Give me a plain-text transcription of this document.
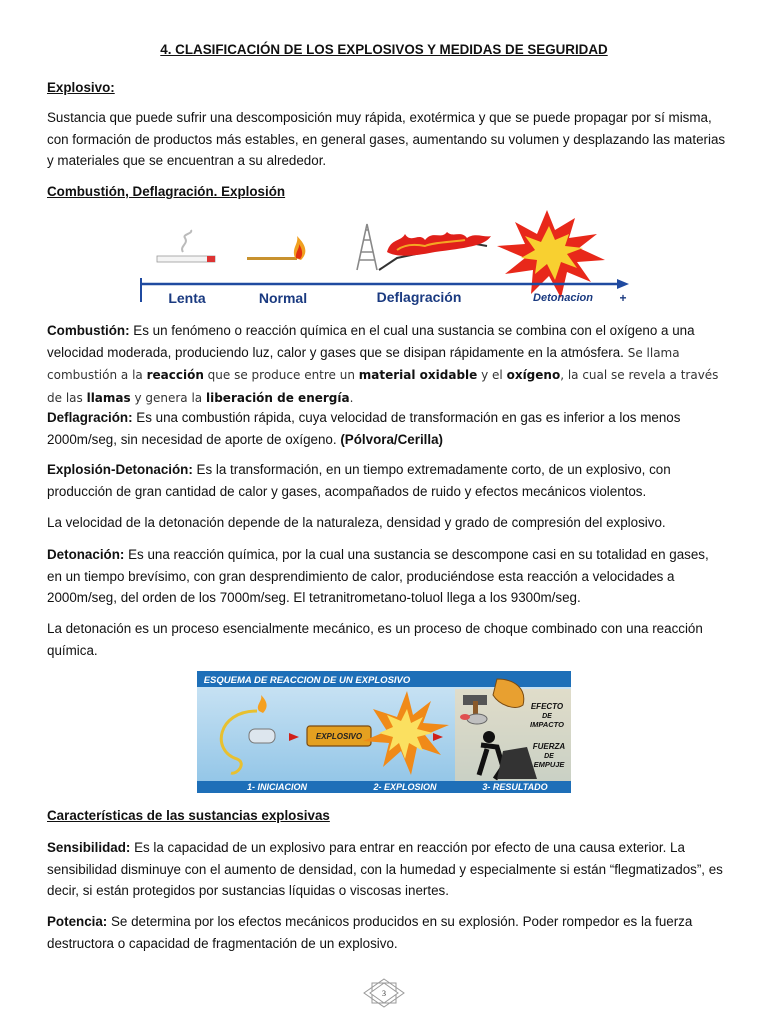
4. CLASIFICACIÓN DE LOS EXPLOSIVOS Y MEDIDAS DE SEGURIDAD

Explosivo:

Sustancia que puede sufrir una descomposición muy rápida, exotérmica y que se puede propagar por sí misma, con formación de productos más estables, en general gases, aumentando su volumen y desplazando las materias y materiales que se encuentran a su alrededor.

Combustión, Deflagración. Explosión

Lenta	Normal	Deflagración	Detonacion +

Combustión: Es un fenómeno o reacción química en el cual una sustancia se combina con el oxígeno a una velocidad moderada, produciendo luz, calor y gases que se disipan rápidamente en la atmósfera. Se llama combustión a la reacción que se produce entre un material oxidable y el oxígeno, la cual se revela a través de las llamas y genera la liberación de energía.

Deflagración: Es una combustión rápida, cuya velocidad de transformación en gas es inferior a los menos 2000m/seg, sin necesidad de aporte de oxígeno. (Pólvora/Cerilla)

Explosión-Detonación: Es la transformación, en un tiempo extremadamente corto, de un explosivo, con producción de gran cantidad de calor y gases, acompañados de ruido y efectos mecánicos violentos.

La velocidad de la detonación depende de la naturaleza, densidad y grado de compresión del explosivo.

Detonación: Es una reacción química, por la cual una sustancia se descompone casi en su totalidad en gases, en un tiempo brevísimo, con gran desprendimiento de calor, produciéndose esta reacción a velocidades a 2000m/seg, del orden de los 7000m/seg. El tetranitrometano-toluol llega a los 9300m/seg.

La detonación es un proceso esencialmente mecánico, es un proceso de choque combinado con una reacción química.

ESQUEMA DE REACCION DE UN EXPLOSIVO
EXPLOSIVO
EFECTO
DE
IMPACTO
FUERZA
DE
EMPUJE
1- INICIACION	2- EXPLOSION	3- RESULTADO

Características de las sustancias explosivas

Sensibilidad: Es la capacidad de un explosivo para entrar en reacción por efecto de una causa exterior. La sensibilidad disminuye con el aumento de densidad, con la humedad y especialmente si están “flegmatizados”, es decir, si están protegidos por sustancias líquidas o viscosas inertes.

Potencia: Se determina por los efectos mecánicos producidos en su explosión. Poder rompedor es la fuerza destructora o capacidad de fragmentación de un explosivo.

3
